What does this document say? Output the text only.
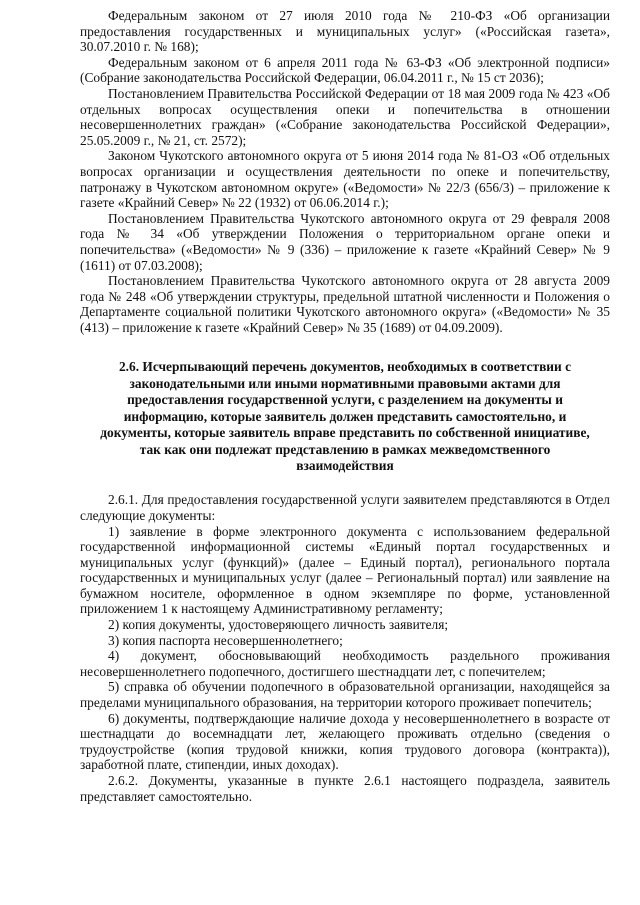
Федеральным законом от 27 июля 2010 года № 210-ФЗ «Об организации предоставления государственных и муниципальных услуг» («Российская газета», 30.07.2010 г. № 168);

Федеральным законом от 6 апреля 2011 года № 63-ФЗ «Об электронной подписи» (Собрание законодательства Российской Федерации, 06.04.2011 г., № 15 ст 2036);

Постановлением Правительства Российской Федерации от 18 мая 2009 года № 423 «Об отдельных вопросах осуществления опеки и попечительства в отношении несовершеннолетних граждан» («Собрание законодательства Российской Федерации», 25.05.2009 г., № 21, ст. 2572);

Законом Чукотского автономного округа от 5 июня 2014 года № 81-ОЗ «Об отдельных вопросах организации и осуществления деятельности по опеке и попечительству, патронажу в Чукотском автономном округе» («Ведомости» № 22/3 (656/3) – приложение к газете «Крайний Север» № 22 (1932) от 06.06.2014 г.);

Постановлением Правительства Чукотского автономного округа от 29 февраля 2008 года № 34 «Об утверждении Положения о территориальном органе опеки и попечительства» («Ведомости» № 9 (336) – приложение к газете «Крайний Север» № 9 (1611) от 07.03.2008);

Постановлением Правительства Чукотского автономного округа от 28 августа 2009 года № 248 «Об утверждении структуры, предельной штатной численности и Положения о Департаменте социальной политики Чукотского автономного округа» («Ведомости» № 35 (413) – приложение к газете «Крайний Север» № 35 (1689) от 04.09.2009).

2.6. Исчерпывающий перечень документов, необходимых в соответствии с законодательными или иными нормативными правовыми актами для предоставления государственной услуги, с разделением на документы и информацию, которые заявитель должен представить самостоятельно, и документы, которые заявитель вправе представить по собственной инициативе, так как они подлежат представлению в рамках межведомственного взаимодействия

2.6.1. Для предоставления государственной услуги заявителем представляются в Отдел следующие документы:

1) заявление в форме электронного документа с использованием федеральной государственной информационной системы «Единый портал государственных и муниципальных услуг (функций)» (далее – Единый портал), регионального портала государственных и муниципальных услуг (далее – Региональный портал) или заявление на бумажном носителе, оформленное в одном экземпляре по форме, установленной приложением 1 к настоящему Административному регламенту;

2) копия документы, удостоверяющего личность заявителя;

3) копия паспорта несовершеннолетнего;

4) документ, обосновывающий необходимость раздельного проживания несовершеннолетнего подопечного, достигшего шестнадцати лет, с попечителем;

5) справка об обучении подопечного в образовательной организации, находящейся за пределами муниципального образования, на территории которого проживает попечитель;

6) документы, подтверждающие наличие дохода у несовершеннолетнего в возрасте от шестнадцати до восемнадцати лет, желающего проживать отдельно (сведения о трудоустройстве (копия трудовой книжки, копия трудового договора (контракта)), заработной плате, стипендии, иных доходах).

2.6.2. Документы, указанные в пункте 2.6.1 настоящего подраздела, заявитель представляет самостоятельно.
